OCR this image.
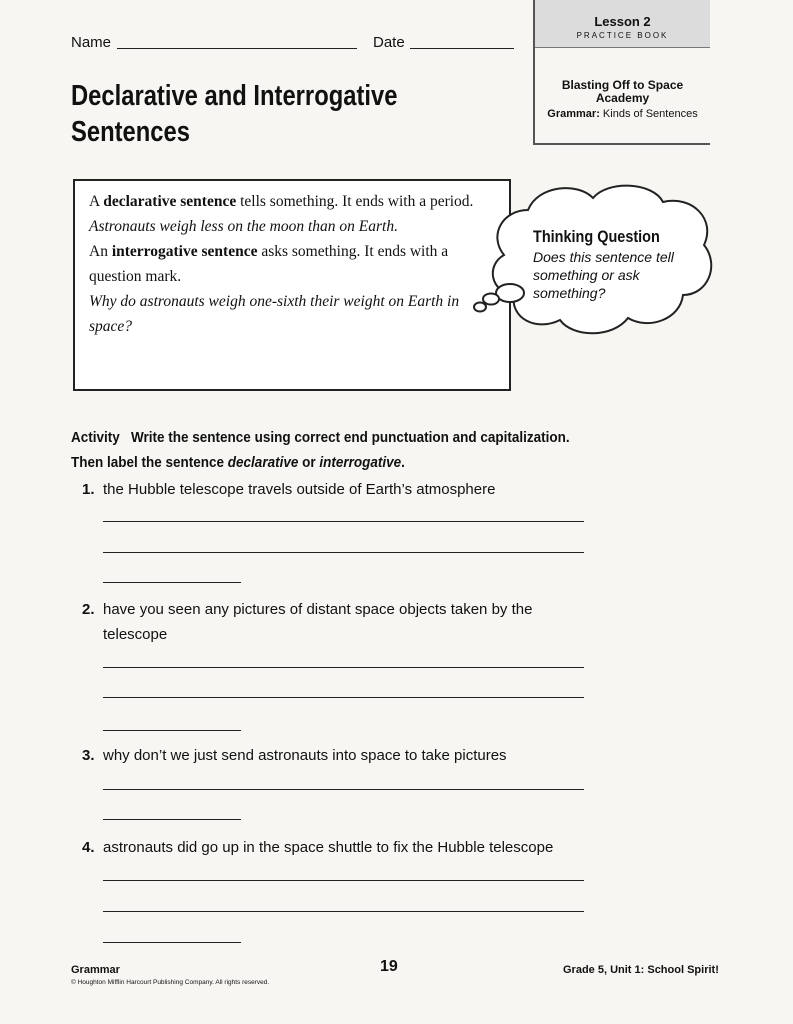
Name	Date
Lesson 2
PRACTICE BOOK
Blasting Off to Space
Academy
Grammar: Kinds of Sentences
Declarative and Interrogative
Sentences

A declarative sentence tells something. It ends with a period.

Astronauts weigh less on the moon than on Earth.

An interrogative sentence asks something. It ends with a question mark.

Why do astronauts weigh one-sixth their weight on Earth in space?

Thinking Question
Does this sentence tell something or ask something?
Activity Write the sentence using correct end punctuation and capitalization. Then label the sentence declarative or interrogative.
1. the Hubble telescope travels outside of Earth’s atmosphere
2. have you seen any pictures of distant space objects taken by the telescope
3. why don’t we just send astronauts into space to take pictures
4. astronauts did go up in the space shuttle to fix the Hubble telescope
Grammar
© Houghton Mifflin Harcourt Publishing Company. All rights reserved.
19	Grade 5, Unit 1: School Spirit!
